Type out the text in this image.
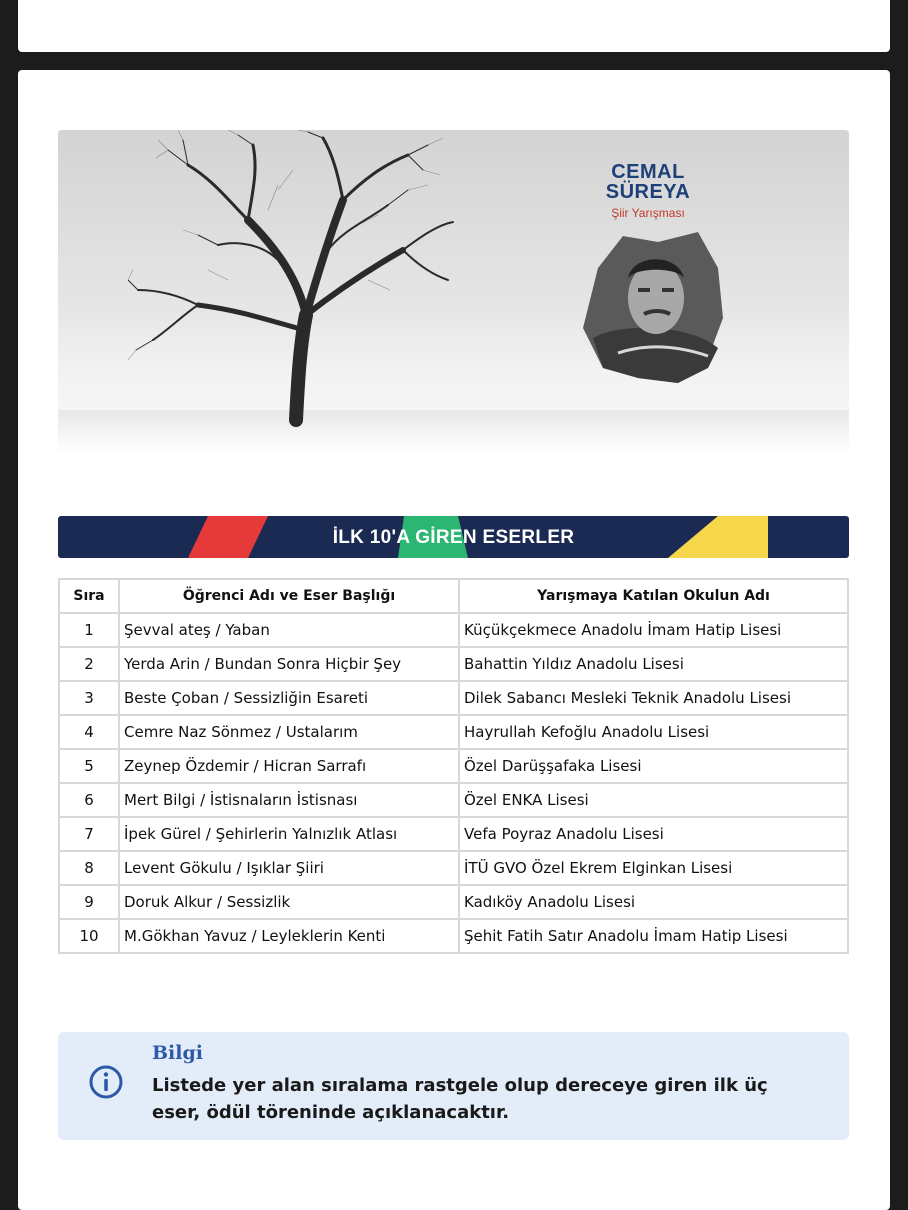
CEMAL
SÜREYA
Şiir Yarışması
İLK 10'A GİREN ESERLER
Sıra	Öğrenci Adı ve Eser Başlığı	Yarışmaya Katılan Okulun Adı
1	Şevval ateş / Yaban	Küçükçekmece Anadolu İmam Hatip Lisesi
2	Yerda Arin / Bundan Sonra Hiçbir Şey	Bahattin Yıldız Anadolu Lisesi
3	Beste Çoban / Sessizliğin Esareti	Dilek Sabancı Mesleki Teknik Anadolu Lisesi
4	Cemre Naz Sönmez / Ustalarım	Hayrullah Kefoğlu Anadolu Lisesi
5	Zeynep Özdemir / Hicran Sarrafı	Özel Darüşşafaka Lisesi
6	Mert Bilgi / İstisnaların İstisnası	Özel ENKA Lisesi
7	İpek Gürel / Şehirlerin Yalnızlık Atlası	Vefa Poyraz Anadolu Lisesi
8	Levent Gökulu / Işıklar Şiiri	İTÜ GVO Özel Ekrem Elginkan Lisesi
9	Doruk Alkur / Sessizlik	Kadıköy Anadolu Lisesi
10	M.Gökhan Yavuz / Leyleklerin Kenti	Şehit Fatih Satır Anadolu İmam Hatip Lisesi
Bilgi
Listede yer alan sıralama rastgele olup dereceye giren ilk üç eser, ödül töreninde açıklanacaktır.
